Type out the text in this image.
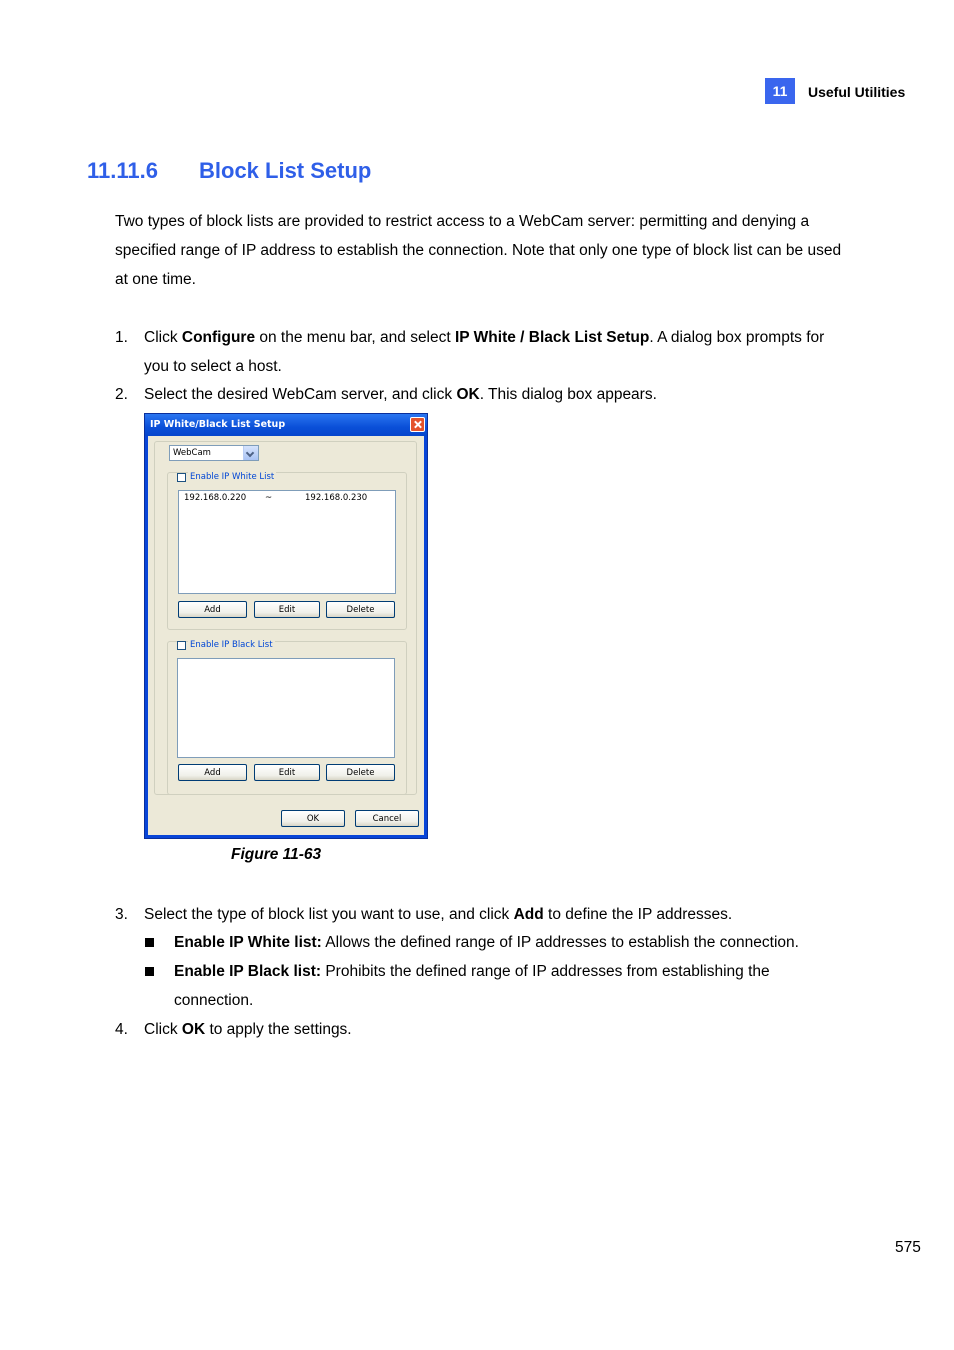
11	Useful Utilities
11.11.6 Block List Setup
Two types of block lists are provided to restrict access to a WebCam server: permitting and denying a specified range of IP address to establish the connection. Note that only one type of block list can be used at one time.
1. Click Configure on the menu bar, and select IP White / Black List Setup. A dialog box prompts for you to select a host.
2. Select the desired WebCam server, and click OK. This dialog box appears.
IP White/Black List Setup
WebCam
Enable IP White List
192.168.0.220 ~	192.168.0.230
Add	Edit	Delete
Enable IP Black List
Add	Edit	Delete
OK	Cancel
Figure 11-63
3. Select the type of block list you want to use, and click Add to define the IP addresses.
Enable IP White list: Allows the defined range of IP addresses to establish the connection.
Enable IP Black list: Prohibits the defined range of IP addresses from establishing the connection.
4. Click OK to apply the settings.
575
